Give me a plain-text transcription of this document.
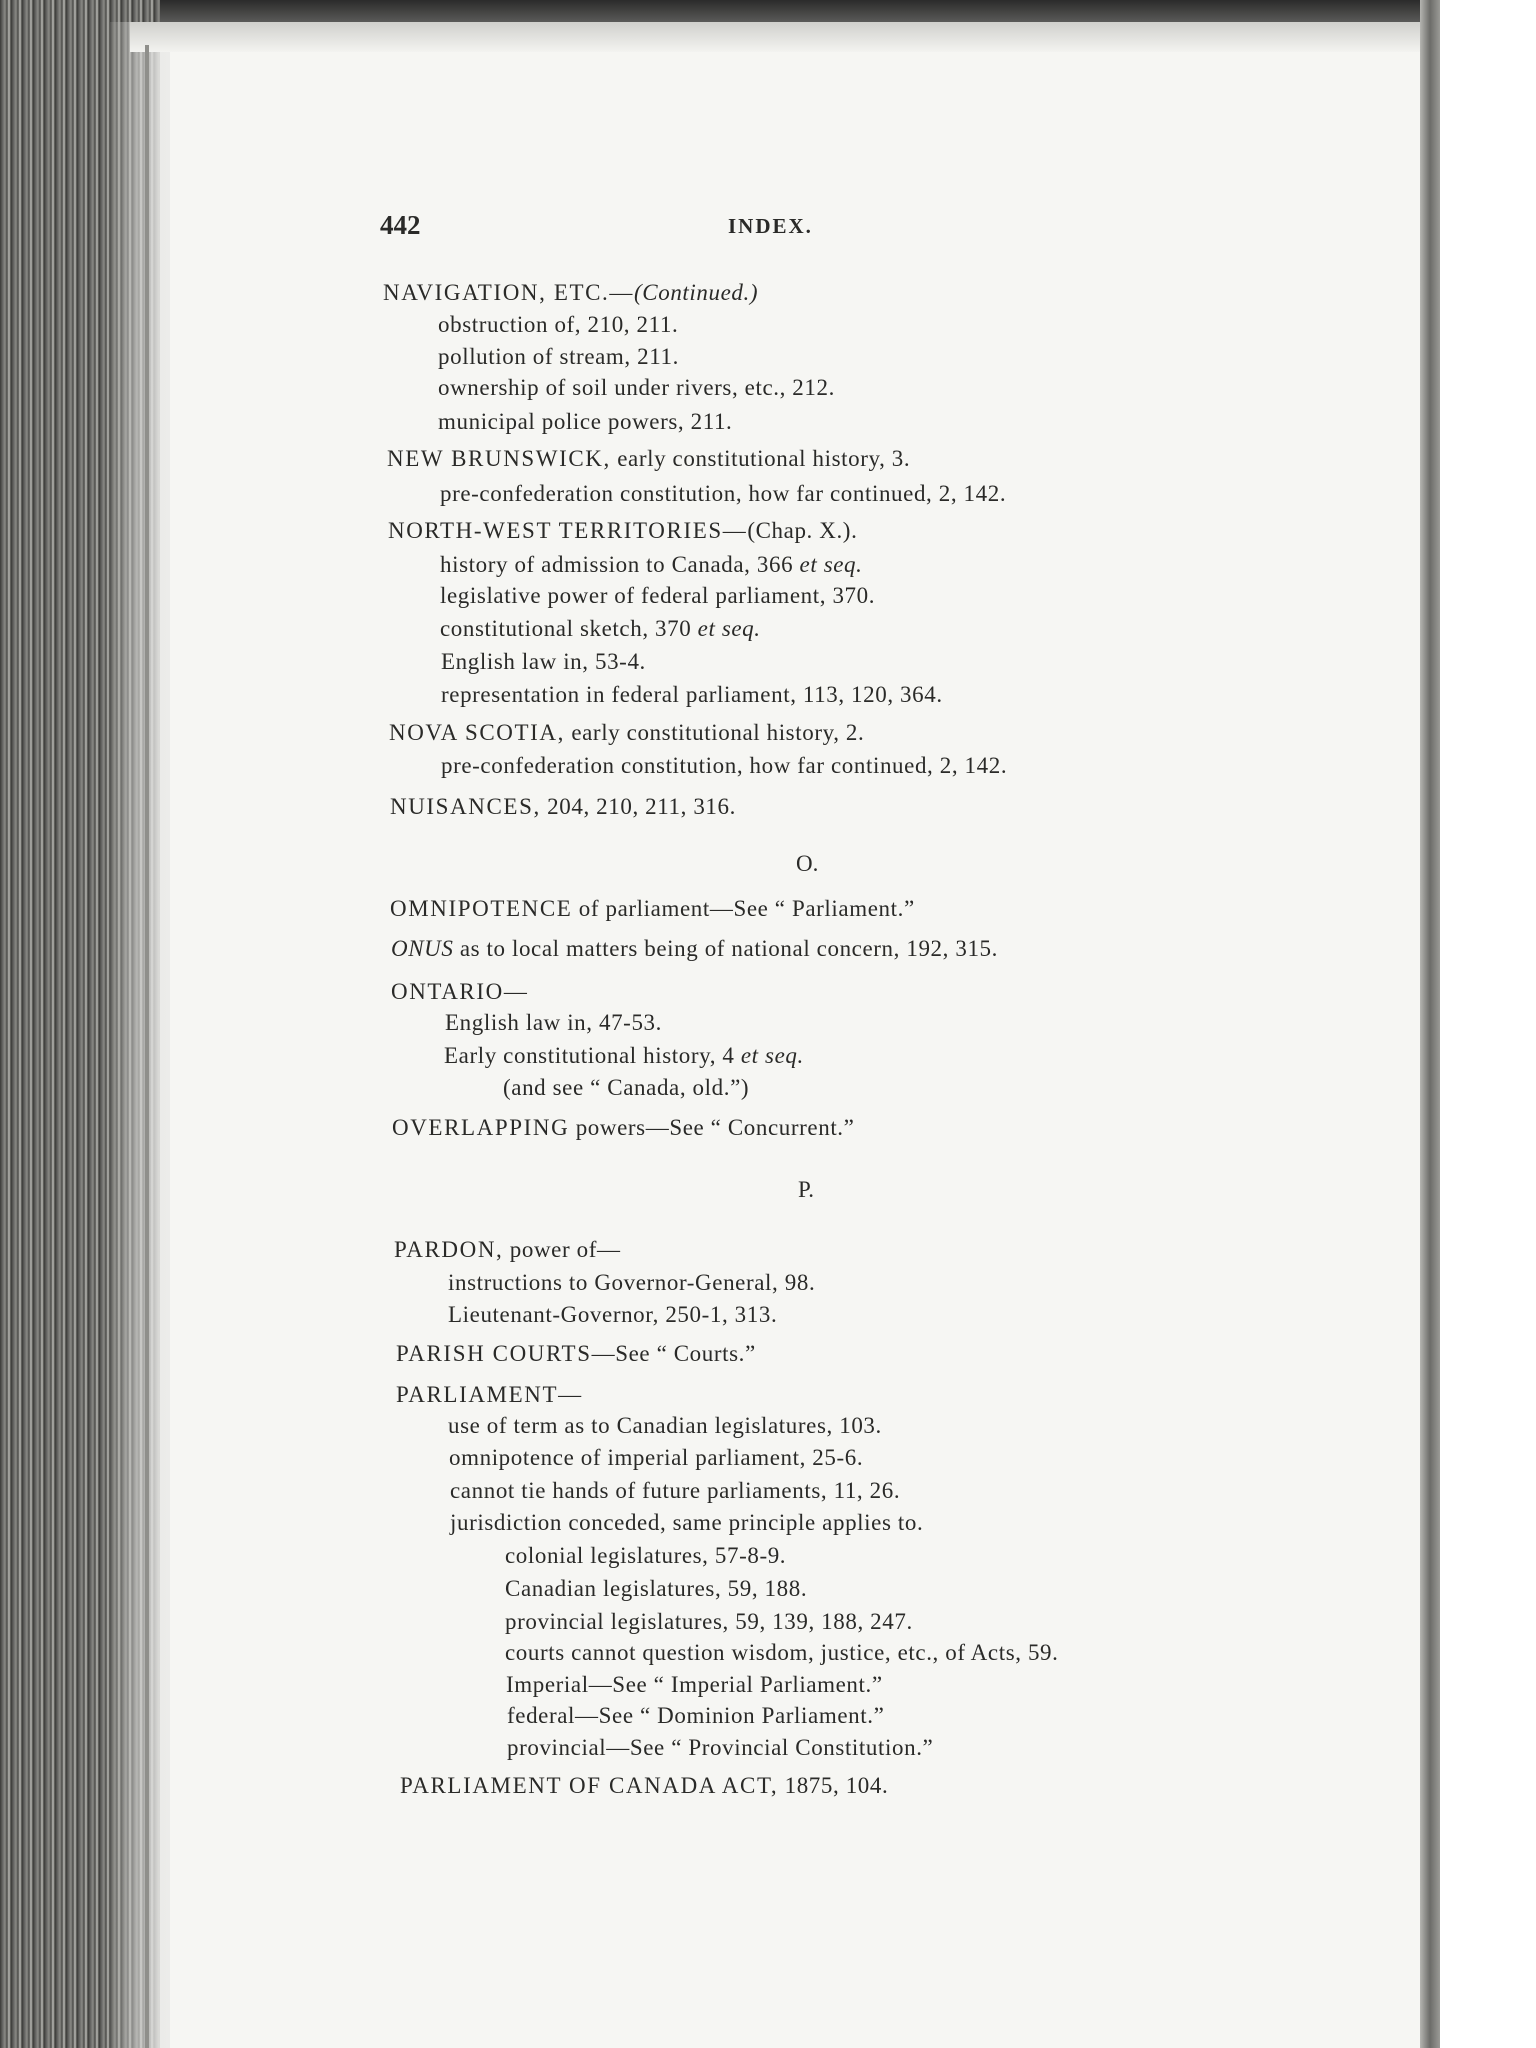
442	INDEX.
NAVIGATION, ETC.—(Continued.)
obstruction of, 210, 211.
pollution of stream, 211.
ownership of soil under rivers, etc., 212.
municipal police powers, 211.
NEW BRUNSWICK, early constitutional history, 3.
pre-confederation constitution, how far continued, 2, 142.
NORTH-WEST TERRITORIES—(Chap. X.).
history of admission to Canada, 366 et seq.
legislative power of federal parliament, 370.
constitutional sketch, 370 et seq.
English law in, 53-4.
representation in federal parliament, 113, 120, 364.
NOVA SCOTIA, early constitutional history, 2.
pre-confederation constitution, how far continued, 2, 142.
NUISANCES, 204, 210, 211, 316.
O.
OMNIPOTENCE of parliament—See “ Parliament.”
ONUS as to local matters being of national concern, 192, 315.
ONTARIO—
English law in, 47-53.
Early constitutional history, 4 et seq.
(and see “ Canada, old.”)
OVERLAPPING powers—See “ Concurrent.”
P.
PARDON, power of—
instructions to Governor-General, 98.
Lieutenant-Governor, 250-1, 313.
PARISH COURTS—See “ Courts.”
PARLIAMENT—
use of term as to Canadian legislatures, 103.
omnipotence of imperial parliament, 25-6.
cannot tie hands of future parliaments, 11, 26.
jurisdiction conceded, same principle applies to.
colonial legislatures, 57-8-9.
Canadian legislatures, 59, 188.
provincial legislatures, 59, 139, 188, 247.
courts cannot question wisdom, justice, etc., of Acts, 59.
Imperial—See “ Imperial Parliament.”
federal—See “ Dominion Parliament.”
provincial—See “ Provincial Constitution.”
PARLIAMENT OF CANADA ACT, 1875, 104.
